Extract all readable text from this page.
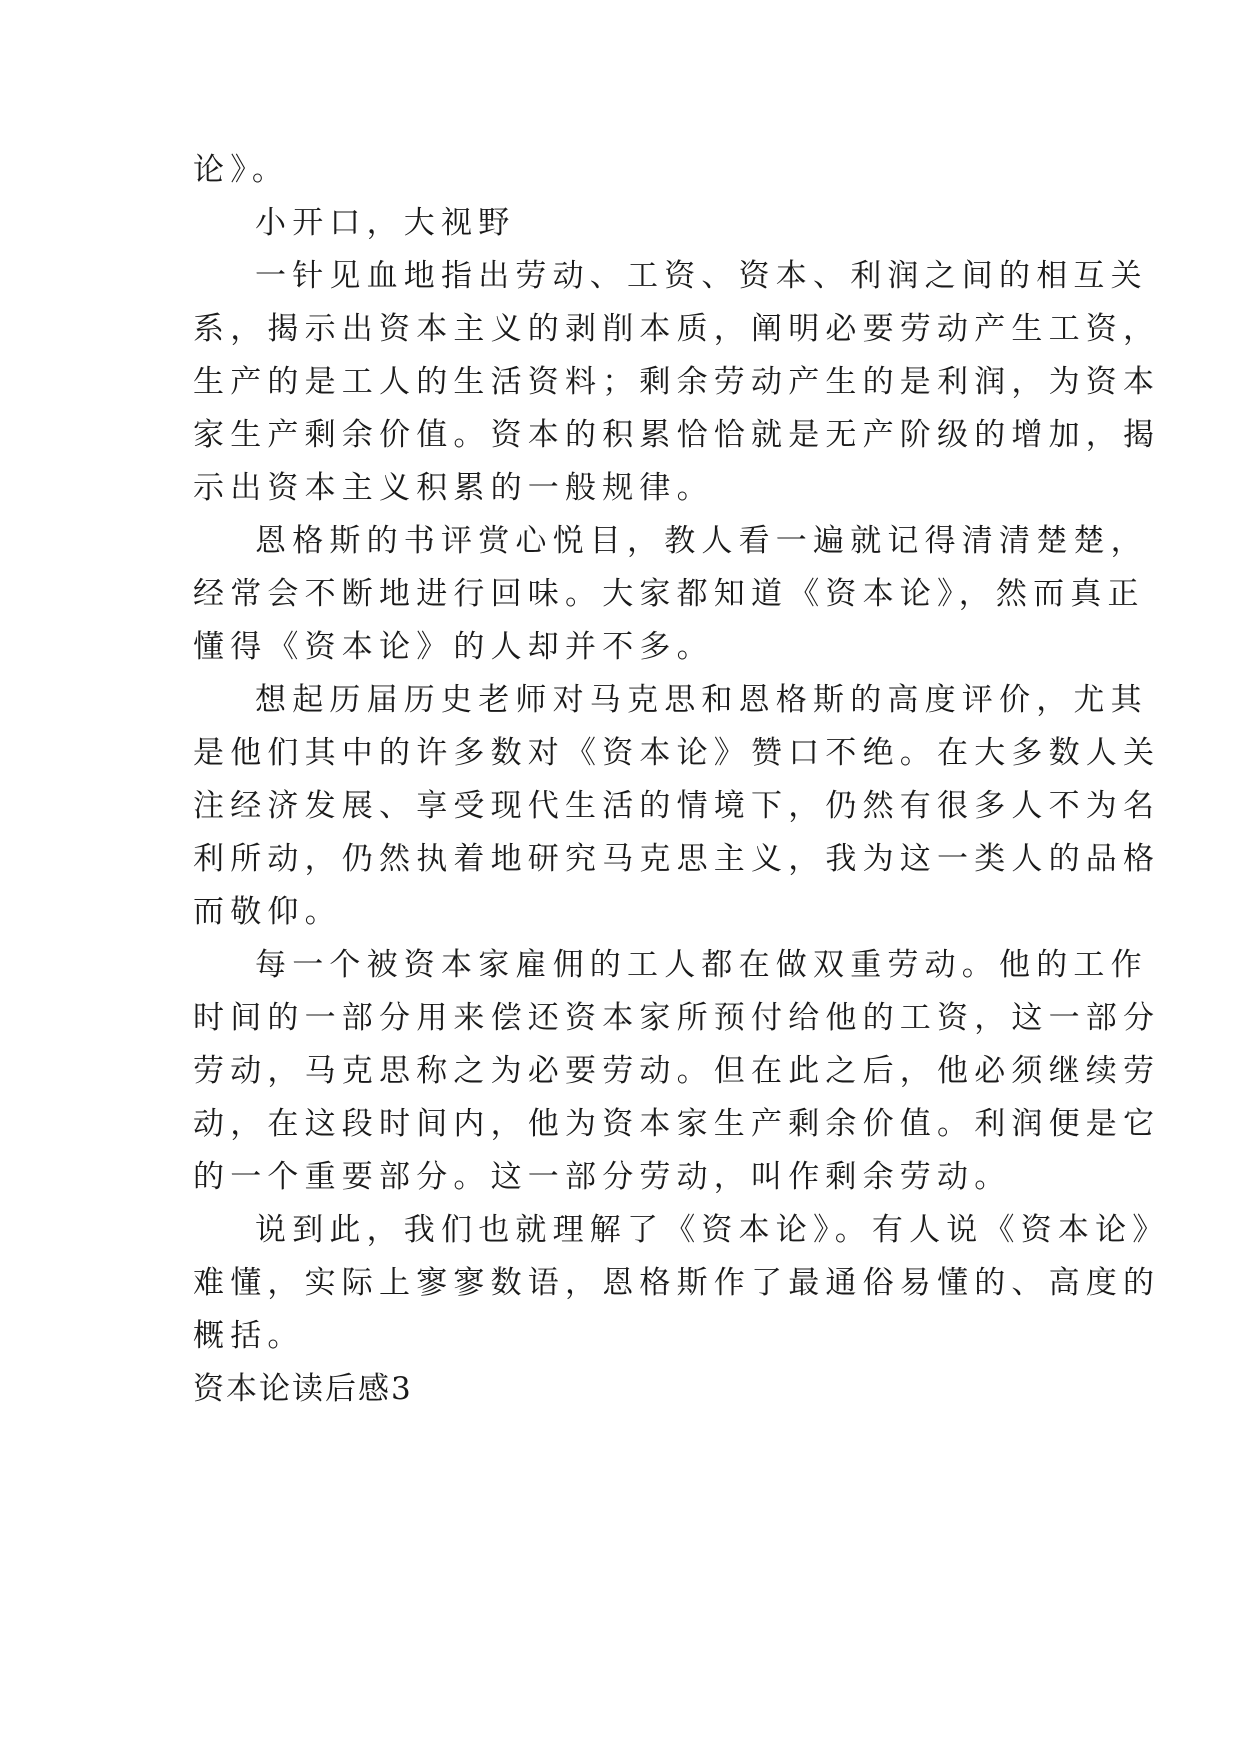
论》。
小开口，大视野
一针见血地指出劳动、工资、资本、利润之间的相互关
系，揭示出资本主义的剥削本质，阐明必要劳动产生工资，
生产的是工人的生活资料；剩余劳动产生的是利润，为资本
家生产剩余价值。资本的积累恰恰就是无产阶级的增加，揭
示出资本主义积累的一般规律。
恩格斯的书评赏心悦目，教人看一遍就记得清清楚楚，
经常会不断地进行回味。大家都知道《资本论》，然而真正
懂得《资本论》的人却并不多。
想起历届历史老师对马克思和恩格斯的高度评价，尤其
是他们其中的许多数对《资本论》赞口不绝。在大多数人关
注经济发展、享受现代生活的情境下，仍然有很多人不为名
利所动，仍然执着地研究马克思主义，我为这一类人的品格
而敬仰。
每一个被资本家雇佣的工人都在做双重劳动。他的工作
时间的一部分用来偿还资本家所预付给他的工资，这一部分
劳动，马克思称之为必要劳动。但在此之后，他必须继续劳
动，在这段时间内，他为资本家生产剩余价值。利润便是它
的一个重要部分。这一部分劳动，叫作剩余劳动。
说到此，我们也就理解了《资本论》。有人说《资本论》
难懂，实际上寥寥数语，恩格斯作了最通俗易懂的、高度的
概括。
资本论读后感3
